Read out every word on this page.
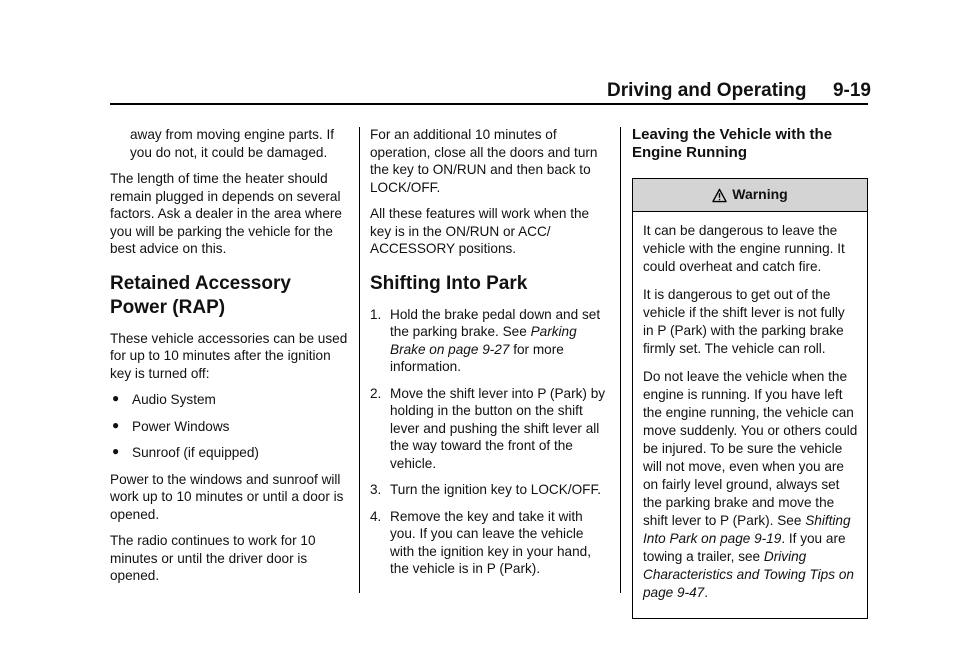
Driving and Operating 9-19

away from moving engine parts. If you do not, it could be damaged.

The length of time the heater should remain plugged in depends on several factors. Ask a dealer in the area where you will be parking the vehicle for the best advice on this.

Retained Accessory Power (RAP)

These vehicle accessories can be used for up to 10 minutes after the ignition key is turned off:

● Audio System
● Power Windows
● Sunroof (if equipped)

Power to the windows and sunroof will work up to 10 minutes or until a door is opened.

The radio continues to work for 10 minutes or until the driver door is opened.

For an additional 10 minutes of operation, close all the doors and turn the key to ON/RUN and then back to LOCK/OFF.

All these features will work when the key is in the ON/RUN or ACC/ ACCESSORY positions.

Shifting Into Park
1. Hold the brake pedal down and set the parking brake. See Parking Brake on page 9-27 for more information.
2. Move the shift lever into P (Park) by holding in the button on the shift lever and pushing the shift lever all the way toward the front of the vehicle.
3. Turn the ignition key to LOCK/OFF.
4. Remove the key and take it with you. If you can leave the vehicle with the ignition key in your hand, the vehicle is in P (Park).
Leaving the Vehicle with the Engine Running
Warning

It can be dangerous to leave the vehicle with the engine running. It could overheat and catch fire.

It is dangerous to get out of the vehicle if the shift lever is not fully in P (Park) with the parking brake firmly set. The vehicle can roll.

Do not leave the vehicle when the engine is running. If you have left the engine running, the vehicle can move suddenly. You or others could be injured. To be sure the vehicle will not move, even when you are on fairly level ground, always set the parking brake and move the shift lever to P (Park). See Shifting Into Park on page 9-19. If you are towing a trailer, see Driving Characteristics and Towing Tips on page 9-47.
